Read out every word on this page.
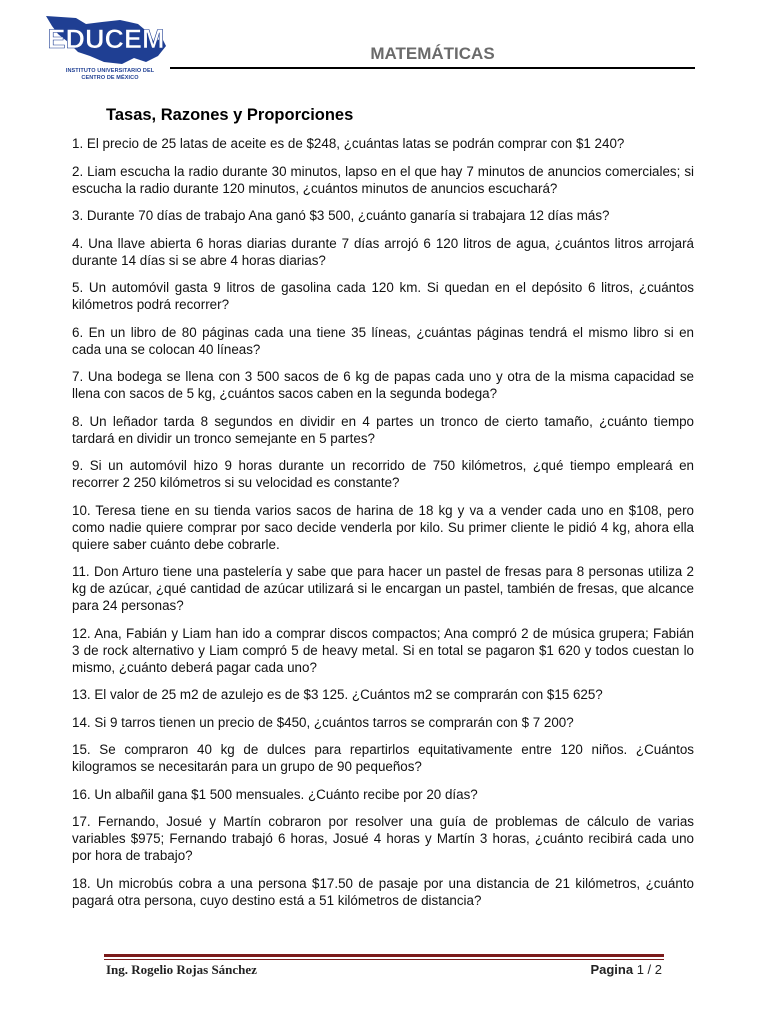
EDUCEM
INSTITUTO UNIVERSITARIO DEL CENTRO DE MÉXICO
MATEMÁTICAS
Tasas, Razones y Proporciones

1. El precio de 25 latas de aceite es de $248, ¿cuántas latas se podrán comprar con $1 240?

2. Liam escucha la radio durante 30 minutos, lapso en el que hay 7 minutos de anuncios comerciales; si escucha la radio durante 120 minutos, ¿cuántos minutos de anuncios escuchará?

3. Durante 70 días de trabajo Ana ganó $3 500, ¿cuánto ganaría si trabajara 12 días más?

4. Una llave abierta 6 horas diarias durante 7 días arrojó 6 120 litros de agua, ¿cuántos litros arrojará durante 14 días si se abre 4 horas diarias?

5. Un automóvil gasta 9 litros de gasolina cada 120 km. Si quedan en el depósito 6 litros, ¿cuántos kilómetros podrá recorrer?

6. En un libro de 80 páginas cada una tiene 35 líneas, ¿cuántas páginas tendrá el mismo libro si en cada una se colocan 40 líneas?

7. Una bodega se llena con 3 500 sacos de 6 kg de papas cada uno y otra de la misma capacidad se llena con sacos de 5 kg, ¿cuántos sacos caben en la segunda bodega?

8. Un leñador tarda 8 segundos en dividir en 4 partes un tronco de cierto tamaño, ¿cuánto tiempo tardará en dividir un tronco semejante en 5 partes?

9. Si un automóvil hizo 9 horas durante un recorrido de 750 kilómetros, ¿qué tiempo empleará en recorrer 2 250 kilómetros si su velocidad es constante?

10. Teresa tiene en su tienda varios sacos de harina de 18 kg y va a vender cada uno en $108, pero como nadie quiere comprar por saco decide venderla por kilo. Su primer cliente le pidió 4 kg, ahora ella quiere saber cuánto debe cobrarle.

11. Don Arturo tiene una pastelería y sabe que para hacer un pastel de fresas para 8 personas utiliza 2 kg de azúcar, ¿qué cantidad de azúcar utilizará si le encargan un pastel, también de fresas, que alcance para 24 personas?

12. Ana, Fabián y Liam han ido a comprar discos compactos; Ana compró 2 de música grupera; Fabián 3 de rock alternativo y Liam compró 5 de heavy metal. Si en total se pagaron $1 620 y todos cuestan lo mismo, ¿cuánto deberá pagar cada uno?

13. El valor de 25 m2 de azulejo es de $3 125. ¿Cuántos m2 se comprarán con $15 625?

14. Si 9 tarros tienen un precio de $450, ¿cuántos tarros se comprarán con $ 7 200?

15. Se compraron 40 kg de dulces para repartirlos equitativamente entre 120 niños. ¿Cuántos kilogramos se necesitarán para un grupo de 90 pequeños?

16. Un albañil gana $1 500 mensuales. ¿Cuánto recibe por 20 días?

17. Fernando, Josué y Martín cobraron por resolver una guía de problemas de cálculo de varias variables $975; Fernando trabajó 6 horas, Josué 4 horas y Martín 3 horas, ¿cuánto recibirá cada uno por hora de trabajo?

18. Un microbús cobra a una persona $17.50 de pasaje por una distancia de 21 kilómetros, ¿cuánto pagará otra persona, cuyo destino está a 51 kilómetros de distancia?

Ing. Rogelio Rojas Sánchez	Pagina 1 / 2
